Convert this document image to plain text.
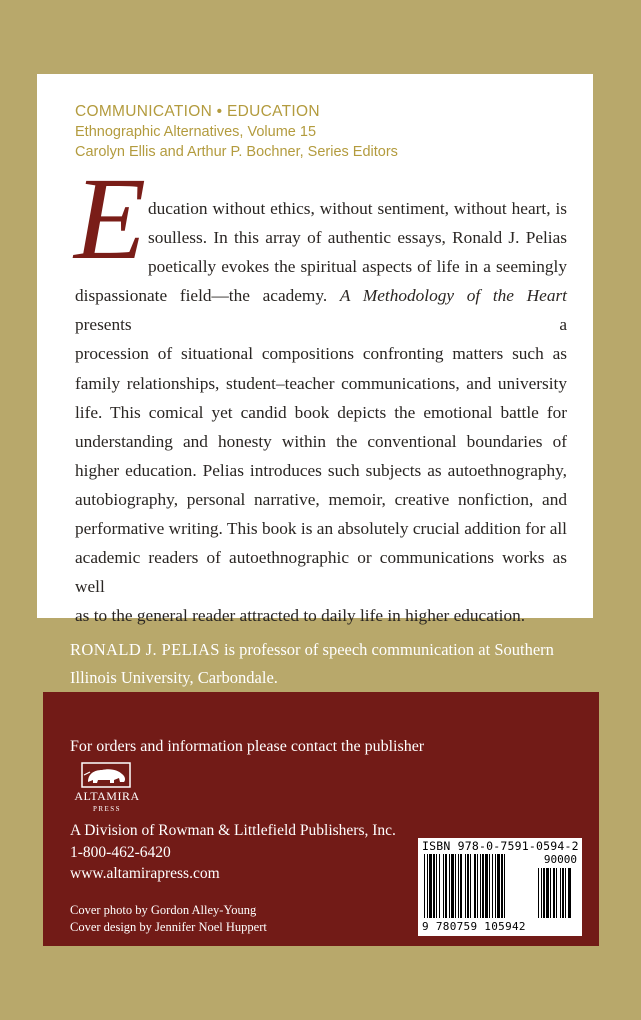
COMMUNICATION • EDUCATION
Ethnographic Alternatives, Volume 15
Carolyn Ellis and Arthur P. Bochner, Series Editors
E ducation without ethics, without sentiment, without heart, is
soulless. In this array of authentic essays, Ronald J. Pelias
poetically evokes the spiritual aspects of life in a seemingly
dispassionate field—the academy. A Methodology of the Heart presents a
procession of situational compositions confronting matters such as
family relationships, student–teacher communications, and university
life. This comical yet candid book depicts the emotional battle for
understanding and honesty within the conventional boundaries of
higher education. Pelias introduces such subjects as autoethnography,
autobiography, personal narrative, memoir, creative nonfiction, and
performative writing. This book is an absolutely crucial addition for all
academic readers of autoethnographic or communications works as well
as to the general reader attracted to daily life in higher education.
RONALD J. PELIAS is professor of speech communication at Southern
Illinois University, Carbondale.
For orders and information please contact the publisher
ALTAMIRA
PRESS
A Division of Rowman & Littlefield Publishers, Inc.
1-800-462-6420
www.altamirapress.com
Cover photo by Gordon Alley-Young
Cover design by Jennifer Noel Huppert
ISBN 978-0-7591-0594-2
90000
9 780759 105942
